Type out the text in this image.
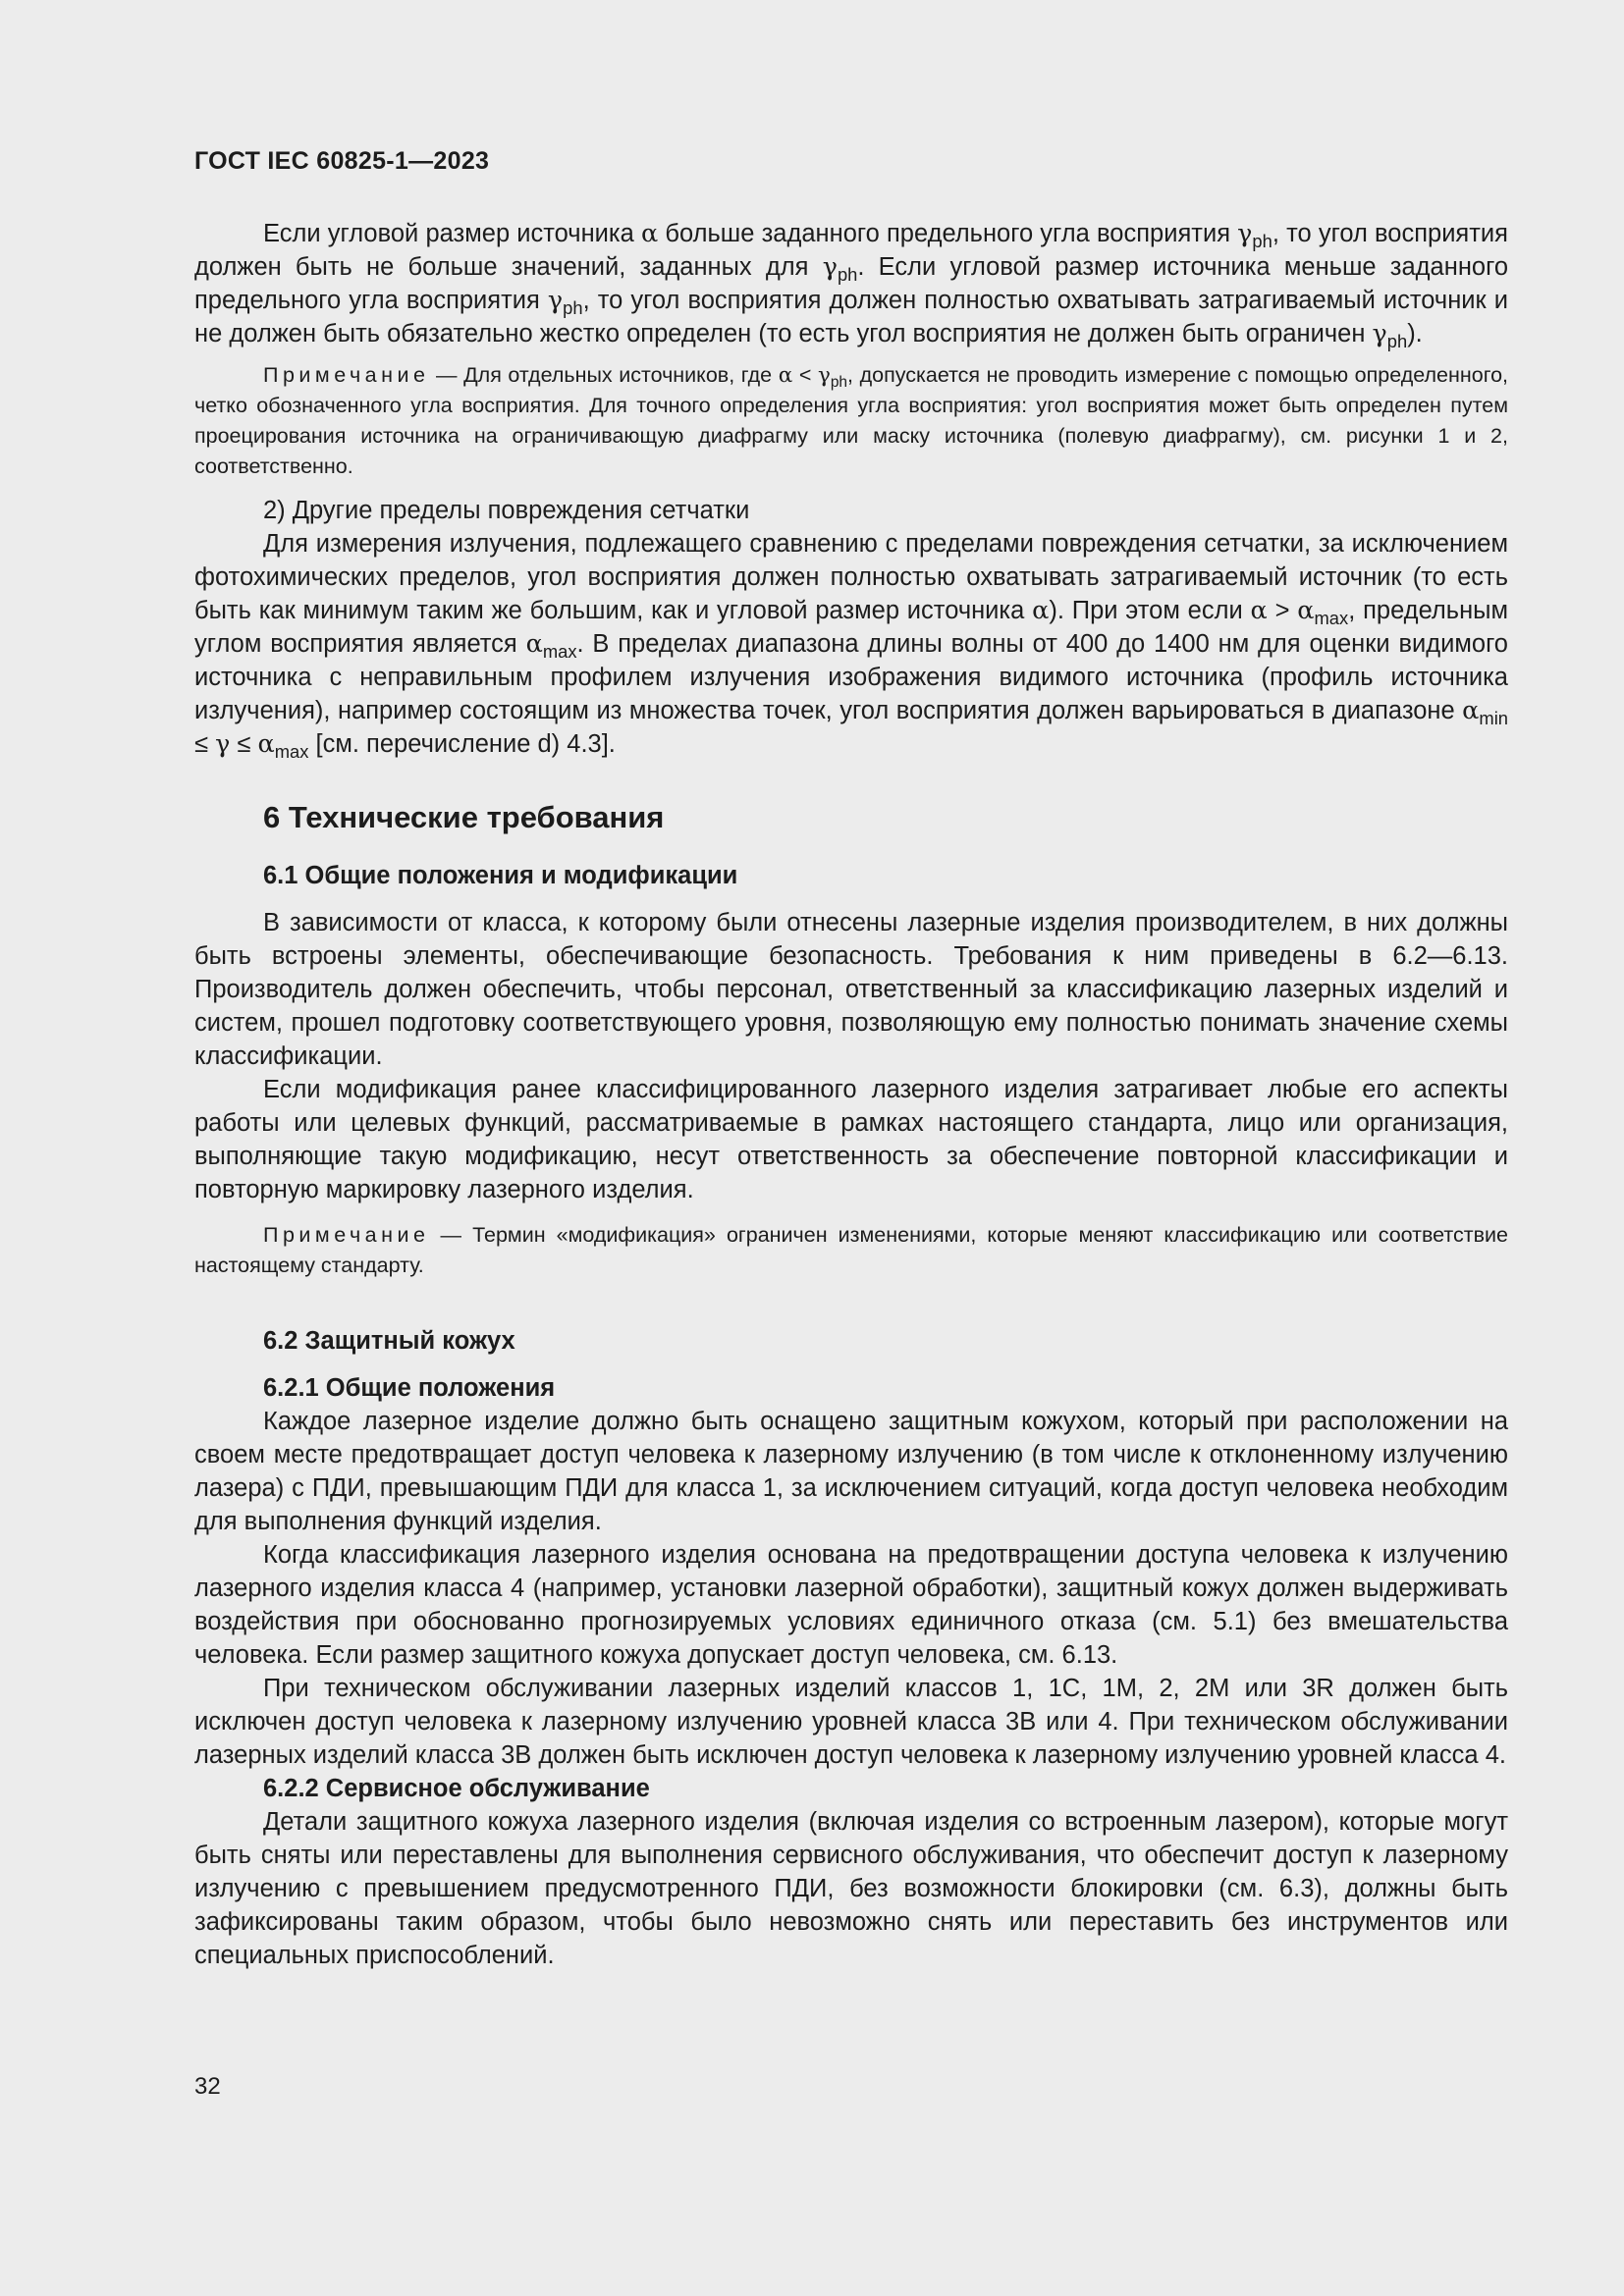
ГОСТ IEC 60825-1—2023

Если угловой размер источника α больше заданного предельного угла восприятия $\gamma_{ph}$, то угол восприятия должен быть не больше значений, заданных для $\gamma_{ph}$. Если угловой размер источника меньше заданного предельного угла восприятия $\gamma_{ph}$, то угол восприятия должен полностью охватывать затрагиваемый источник и не должен быть обязательно жестко определен (то есть угол восприятия не должен быть ограничен $\gamma_{ph}$).

Примечание — Для отдельных источников, где $\alpha < \gamma_{ph}$, допускается не проводить измерение с помощью определенного, четко обозначенного угла восприятия. Для точного определения угла восприятия: угол восприятия может быть определен путем проецирования источника на ограничивающую диафрагму или маску источника (полевую диафрагму), см. рисунки 1 и 2, соответственно.

2) Другие пределы повреждения сетчатки

Для измерения излучения, подлежащего сравнению с пределами повреждения сетчатки, за исключением фотохимических пределов, угол восприятия должен полностью охватывать затрагиваемый источник (то есть быть как минимум таким же большим, как и угловой размер источника α). При этом если $\alpha > \alpha_{max}$, предельным углом восприятия является $\alpha_{max}$. В пределах диапазона длины волны от 400 до 1400 нм для оценки видимого источника с неправильным профилем излучения изображения видимого источника (профиль источника излучения), например состоящим из множества точек, угол восприятия должен варьироваться в диапазоне $\alpha_{min} \le \gamma \le \alpha_{max}$ [см. перечисление d) 4.3].

6 Технические требования
6.1 Общие положения и модификации

В зависимости от класса, к которому были отнесены лазерные изделия производителем, в них должны быть встроены элементы, обеспечивающие безопасность. Требования к ним приведены в 6.2—6.13. Производитель должен обеспечить, чтобы персонал, ответственный за классификацию лазерных изделий и систем, прошел подготовку соответствующего уровня, позволяющую ему полностью понимать значение схемы классификации.

Если модификация ранее классифицированного лазерного изделия затрагивает любые его аспекты работы или целевых функций, рассматриваемые в рамках настоящего стандарта, лицо или организация, выполняющие такую модификацию, несут ответственность за обеспечение повторной классификации и повторную маркировку лазерного изделия.

Примечание — Термин «модификация» ограничен изменениями, которые меняют классификацию или соответствие настоящему стандарту.

6.2 Защитный кожух
6.2.1 Общие положения

Каждое лазерное изделие должно быть оснащено защитным кожухом, который при расположении на своем месте предотвращает доступ человека к лазерному излучению (в том числе к отклоненному излучению лазера) с ПДИ, превышающим ПДИ для класса 1, за исключением ситуаций, когда доступ человека необходим для выполнения функций изделия.

Когда классификация лазерного изделия основана на предотвращении доступа человека к излучению лазерного изделия класса 4 (например, установки лазерной обработки), защитный кожух должен выдерживать воздействия при обоснованно прогнозируемых условиях единичного отказа (см. 5.1) без вмешательства человека. Если размер защитного кожуха допускает доступ человека, см. 6.13.

При техническом обслуживании лазерных изделий классов 1, 1С, 1М, 2, 2М или 3R должен быть исключен доступ человека к лазерному излучению уровней класса 3В или 4. При техническом обслуживании лазерных изделий класса 3В должен быть исключен доступ человека к лазерному излучению уровней класса 4.

6.2.2 Сервисное обслуживание

Детали защитного кожуха лазерного изделия (включая изделия со встроенным лазером), которые могут быть сняты или переставлены для выполнения сервисного обслуживания, что обеспечит доступ к лазерному излучению с превышением предусмотренного ПДИ, без возможности блокировки (см. 6.3), должны быть зафиксированы таким образом, чтобы было невозможно снять или переставить без инструментов или специальных приспособлений.

32
